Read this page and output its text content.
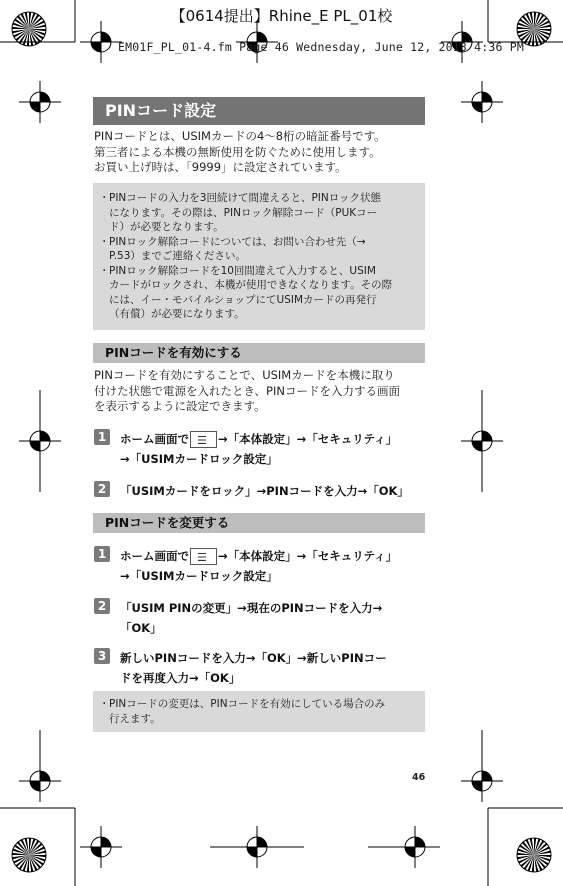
【0614提出】Rhine_E PL_01校
EM01F_PL_01-4.fm Page 46 Wednesday, June 12, 2013 4:36 PM
PINコード設定
PINコードとは、USIMカードの4～8桁の暗証番号です。
第三者による本機の無断使用を防ぐために使用します。
お買い上げ時は、「9999」に設定されています。
・ PINコードの入力を3回続けて間違えると、PINロック状態
になります。その際は、PINロック解除コード（PUKコー
ド）が必要となります。
・ PINロック解除コードについては、お問い合わせ先（→
P.53）までご連絡ください。
・ PINロック解除コードを10回間違えて入力すると、USIM
カードがロックされ、本機が使用できなくなります。その際
には、イー・モバイルショップにてUSIMカードの再発行
（有償）が必要になります。
PINコードを有効にする
PINコードを有効にすることで、USIMカードを本機に取り
付けた状態で電源を入れたとき、PINコードを入力する画面
を表示するように設定できます。
1	ホーム画面で ☰	→「本体設定」→「セキュリティ」
→「USIMカードロック設定」
2	「USIMカードをロック」→PINコードを入力→「OK」
PINコードを変更する
1	ホーム画面で ☰	→「本体設定」→「セキュリティ」
→「USIMカードロック設定」
2	「USIM PINの変更」→現在のPINコードを入力→
「OK」
3	新しいPINコードを入力→「OK」→新しいPINコー
ドを再度入力→「OK」
・ PINコードの変更は、PINコードを有効にしている場合のみ
行えます。
46
